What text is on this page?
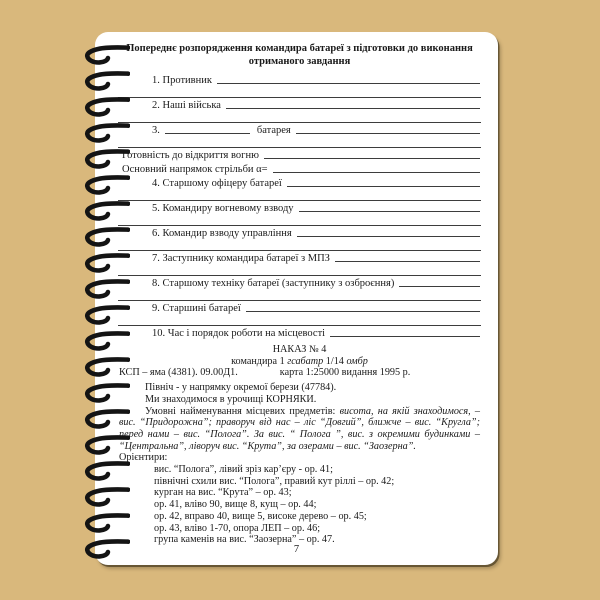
Попереднє розпорядження командира батареї з підготовки до виконання отриманого завдання
1. Противник
2. Наші війська
3.	батарея
Готовність до відкриття вогню
Основний напрямок стрільби α=
4. Старшому офіцеру батареї
5. Командиру вогневому взводу
6. Командир взводу управління
7. Заступнику командира батареї з МПЗ
8. Старшому техніку батареї (заступнику з озброєння)
9. Старшині батареї
10. Час і порядок роботи на місцевості
НАКАЗ № 4
командира 1 гсабатр 1/14 омбр
КСП – яма (4381). 09.00Д1.	карта 1:25000 видання 1995 р.
Північ - у напрямку окремої берези (47784).
Ми знаходимося в урочищі КОРНЯКИ.
Умовні найменування місцевих предметів: висота, на якій знаходимося, – вис. “Придорожна”; праворуч від нас – ліс “Довгий”, ближче – вис. “Кругла”; перед нами – вис. “Полога”. За вис. “ Полога ”, вис. з окремими будинками – “Центральна”, ліворуч вис. “Крута”, за озерами – вис. “Заозерна”.
Орієнтири:
вис. “Полога”, лівий зріз кар’єру - ор. 41;
північні схили вис. “Полога”, правий кут ріллі – ор. 42;
курган на вис. “Крута” – ор. 43;
ор. 41, вліво 90, вище 8, кущ – ор. 44;
ор. 42, вправо 40, вище 5, високе дерево – ор. 45;
ор. 43, вліво 1-70, опора ЛЕП – ор. 46;
група каменів на вис. “Заозерна” – ор. 47.
7
